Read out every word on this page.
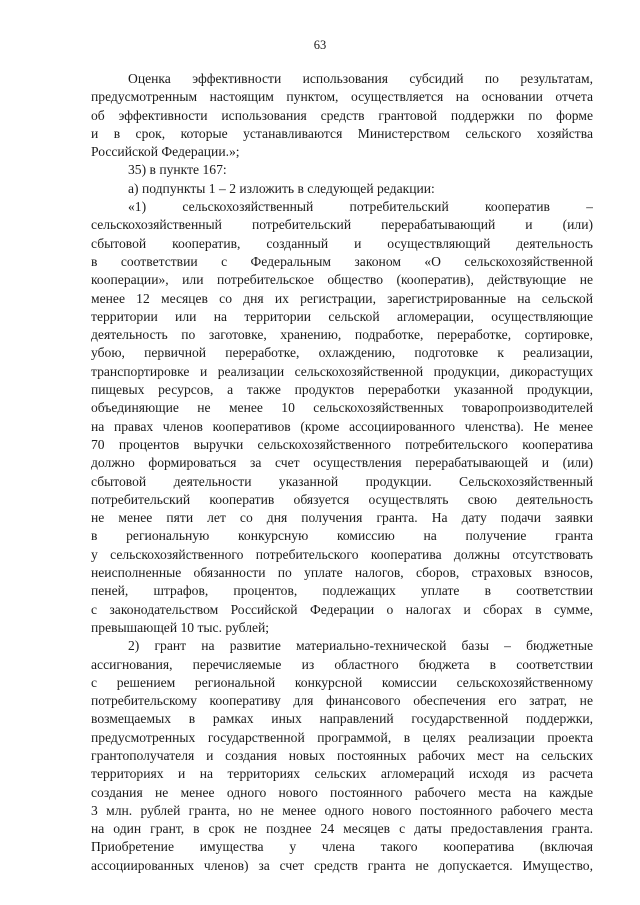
63
Оценка эффективности использования субсидий по результатам,
предусмотренным настоящим пунктом, осуществляется на основании отчета
об эффективности использования средств грантовой поддержки по форме
и в срок, которые устанавливаются Министерством сельского хозяйства
Российской Федерации.»;
35) в пункте 167:
а) подпункты 1 – 2 изложить в следующей редакции:
«1) сельскохозяйственный потребительский кооператив –
сельскохозяйственный потребительский перерабатывающий и (или)
сбытовой кооператив, созданный и осуществляющий деятельность
в соответствии с Федеральным законом «О сельскохозяйственной
кооперации», или потребительское общество (кооператив), действующие не
менее 12 месяцев со дня их регистрации, зарегистрированные на сельской
территории или на территории сельской агломерации, осуществляющие
деятельность по заготовке, хранению, подработке, переработке, сортировке,
убою, первичной переработке, охлаждению, подготовке к реализации,
транспортировке и реализации сельскохозяйственной продукции, дикорастущих
пищевых ресурсов, а также продуктов переработки указанной продукции,
объединяющие не менее 10 сельскохозяйственных товаропроизводителей
на правах членов кооперативов (кроме ассоциированного членства). Не менее
70 процентов выручки сельскохозяйственного потребительского кооператива
должно формироваться за счет осуществления перерабатывающей и (или)
сбытовой деятельности указанной продукции. Сельскохозяйственный
потребительский кооператив обязуется осуществлять свою деятельность
не менее пяти лет со дня получения гранта. На дату подачи заявки
в региональную конкурсную комиссию на получение гранта
у сельскохозяйственного потребительского кооператива должны отсутствовать
неисполненные обязанности по уплате налогов, сборов, страховых взносов,
пеней, штрафов, процентов, подлежащих уплате в соответствии
с законодательством Российской Федерации о налогах и сборах в сумме,
превышающей 10 тыс. рублей;
2) грант на развитие материально-технической базы – бюджетные
ассигнования, перечисляемые из областного бюджета в соответствии
с решением региональной конкурсной комиссии сельскохозяйственному
потребительскому кооперативу для финансового обеспечения его затрат, не
возмещаемых в рамках иных направлений государственной поддержки,
предусмотренных государственной программой, в целях реализации проекта
грантополучателя и создания новых постоянных рабочих мест на сельских
территориях и на территориях сельских агломераций исходя из расчета
создания не менее одного нового постоянного рабочего места на каждые
3 млн. рублей гранта, но не менее одного нового постоянного рабочего места
на один грант, в срок не позднее 24 месяцев с даты предоставления гранта.
Приобретение имущества у члена такого кооператива (включая
ассоциированных членов) за счет средств гранта не допускается. Имущество,
